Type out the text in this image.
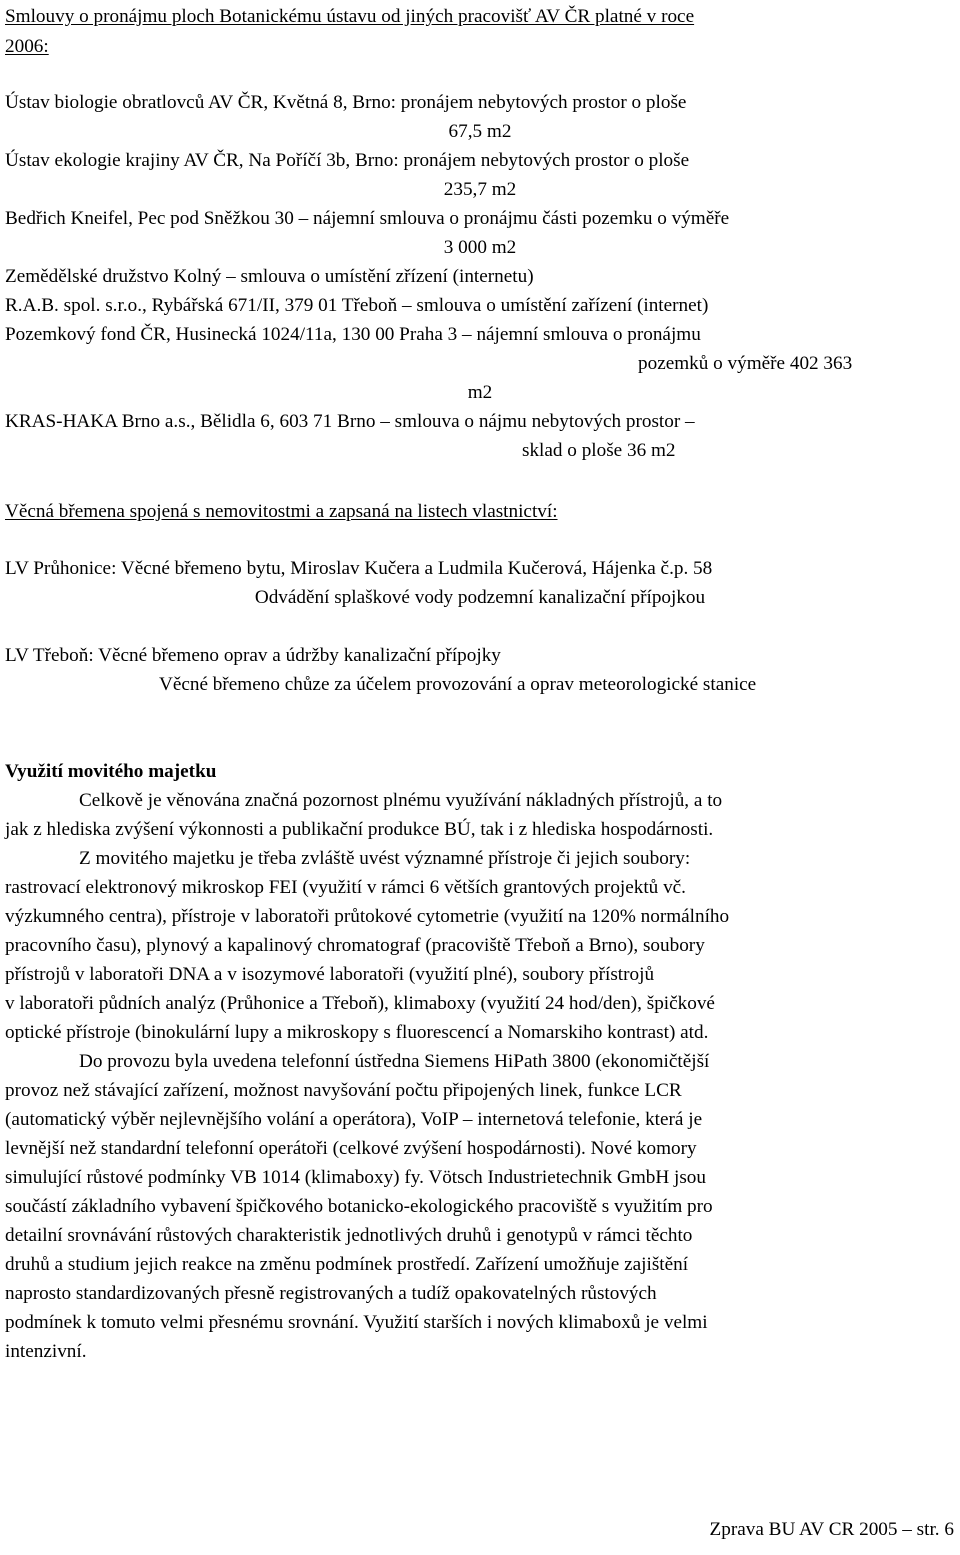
Smlouvy o pronájmu ploch Botanickému ústavu od jiných pracovišť AV ČR platné v roce
2006:
Ústav biologie obratlovců AV ČR, Květná 8, Brno: pronájem nebytových prostor o ploše
67,5 m2
Ústav ekologie krajiny AV ČR, Na Poříčí 3b, Brno: pronájem nebytových prostor o ploše
235,7 m2
Bedřich Kneifel, Pec pod Sněžkou 30 – nájemní smlouva o pronájmu části pozemku o výměře
3 000 m2
Zemědělské družstvo Kolný – smlouva o umístění zřízení (internetu)
R.A.B. spol. s.r.o., Rybářská 671/II, 379 01 Třeboň – smlouva o umístění zařízení (internet)
Pozemkový fond ČR, Husinecká 1024/11a, 130 00 Praha 3 – nájemní smlouva o pronájmu
pozemků o výměře 402 363
m2
KRAS-HAKA Brno a.s., Bělidla 6, 603 71 Brno – smlouva o nájmu nebytových prostor –
sklad o ploše 36 m2
Věcná břemena spojená s nemovitostmi a zapsaná na listech vlastnictví:
LV Průhonice: Věcné břemeno bytu, Miroslav Kučera a Ludmila Kučerová, Hájenka č.p. 58
Odvádění splaškové vody podzemní kanalizační přípojkou
LV Třeboň: Věcné břemeno oprav a údržby kanalizační přípojky
Věcné břemeno chůze za účelem provozování a oprav meteorologické stanice
Využití movitého majetku
Celkově je věnována značná pozornost plnému využívání nákladných přístrojů, a to
jak z hlediska zvýšení výkonnosti a publikační produkce BÚ, tak i z hlediska hospodárnosti.
Z movitého majetku je třeba zvláště uvést významné přístroje či jejich soubory:
rastrovací elektronový mikroskop FEI (využití v rámci 6 větších grantových projektů vč.
výzkumného centra), přístroje v laboratoři průtokové cytometrie (využití na 120% normálního
pracovního času), plynový a kapalinový chromatograf (pracoviště Třeboň a Brno), soubory
přístrojů v laboratoři DNA a v isozymové laboratoři (využití plné), soubory přístrojů
v laboratoři půdních analýz (Průhonice a Třeboň), klimaboxy (využití 24 hod/den), špičkové
optické přístroje (binokulární lupy a mikroskopy s fluorescencí a Nomarskiho kontrast) atd.
Do provozu byla uvedena telefonní ústředna Siemens HiPath 3800 (ekonomičtější
provoz než stávající zařízení, možnost navyšování počtu připojených linek, funkce LCR
(automatický výběr nejlevnějšího volání a operátora), VoIP – internetová telefonie, která je
levnější než standardní telefonní operátoři (celkové zvýšení hospodárnosti). Nové komory
simulující růstové podmínky VB 1014 (klimaboxy) fy. Vötsch Industrietechnik GmbH jsou
součástí základního vybavení špičkového botanicko-ekologického pracoviště s využitím pro
detailní srovnávání růstových charakteristik jednotlivých druhů i genotypů v rámci těchto
druhů a studium jejich reakce na změnu podmínek prostředí. Zařízení umožňuje zajištění
naprosto standardizovaných přesně registrovaných a tudíž opakovatelných růstových
podmínek k tomuto velmi přesnému srovnání. Využití starších i nových klimaboxů je velmi
intenzivní.
Zprava BU AV CR 2005 – str. 6
